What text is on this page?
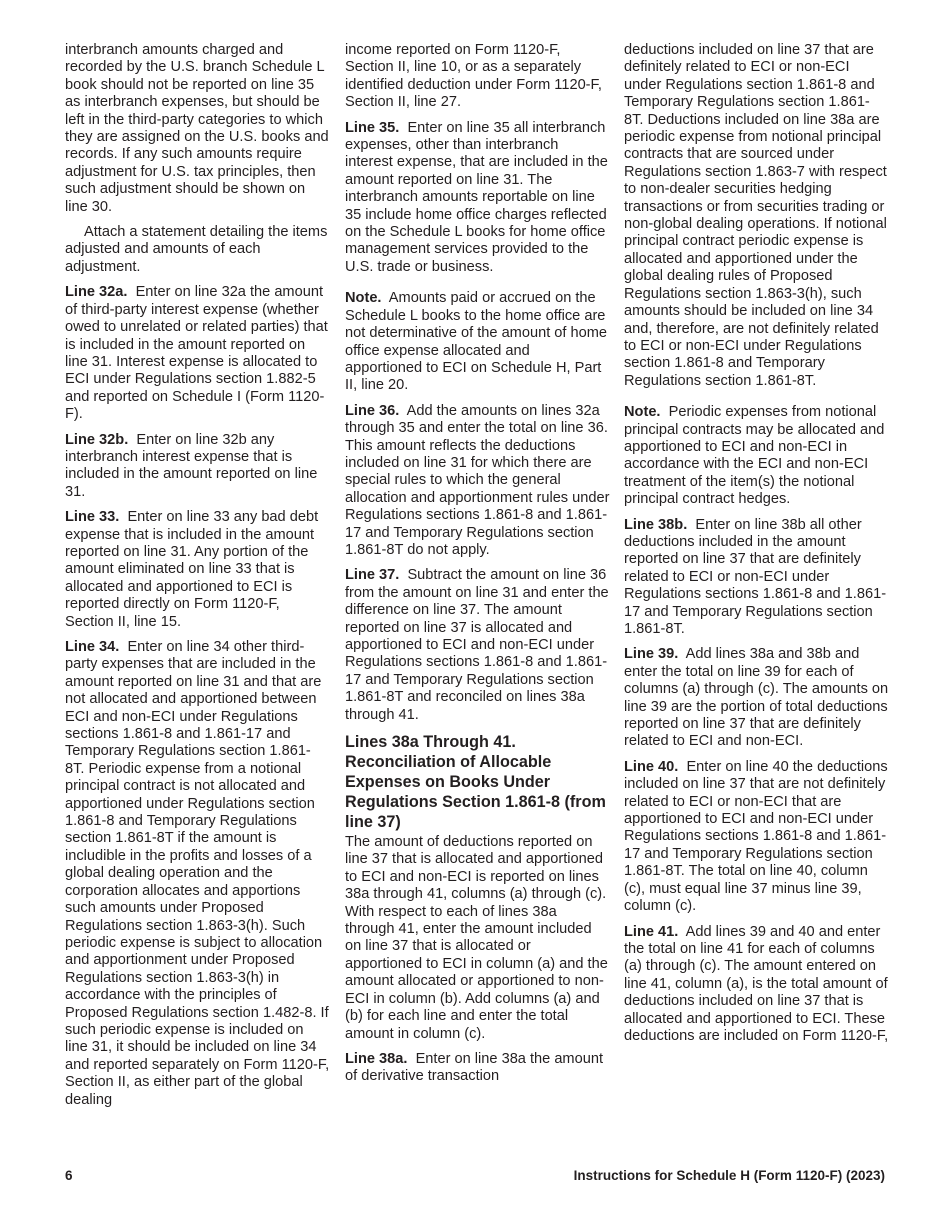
interbranch amounts charged and recorded by the U.S. branch Schedule L book should not be reported on line 35 as interbranch expenses, but should be left in the third-party categories to which they are assigned on the U.S. books and records. If any such amounts require adjustment for U.S. tax principles, then such adjustment should be shown on line 30.

Attach a statement detailing the items adjusted and amounts of each adjustment.

Line 32a. Enter on line 32a the amount of third-party interest expense (whether owed to unrelated or related parties) that is included in the amount reported on line 31. Interest expense is allocated to ECI under Regulations section 1.882-5 and reported on Schedule I (Form 1120-F).

Line 32b. Enter on line 32b any interbranch interest expense that is included in the amount reported on line 31.

Line 33. Enter on line 33 any bad debt expense that is included in the amount reported on line 31. Any portion of the amount eliminated on line 33 that is allocated and apportioned to ECI is reported directly on Form 1120-F, Section II, line 15.

Line 34. Enter on line 34 other third-party expenses that are included in the amount reported on line 31 and that are not allocated and apportioned between ECI and non-ECI under Regulations sections 1.861-8 and 1.861-17 and Temporary Regulations section 1.861-8T. Periodic expense from a notional principal contract is not allocated and apportioned under Regulations section 1.861-8 and Temporary Regulations section 1.861-8T if the amount is includible in the profits and losses of a global dealing operation and the corporation allocates and apportions such amounts under Proposed Regulations section 1.863-3(h). Such periodic expense is subject to allocation and apportionment under Proposed Regulations section 1.863-3(h) in accordance with the principles of Proposed Regulations section 1.482-8. If such periodic expense is included on line 31, it should be included on line 34 and reported separately on Form 1120-F, Section II, as either part of the global dealing

income reported on Form 1120-F, Section II, line 10, or as a separately identified deduction under Form 1120-F, Section II, line 27.

Line 35. Enter on line 35 all interbranch expenses, other than interbranch interest expense, that are included in the amount reported on line 31. The interbranch amounts reportable on line 35 include home office charges reflected on the Schedule L books for home office management services provided to the U.S. trade or business.

Note. Amounts paid or accrued on the Schedule L books to the home office are not determinative of the amount of home office expense allocated and apportioned to ECI on Schedule H, Part II, line 20.

Line 36. Add the amounts on lines 32a through 35 and enter the total on line 36. This amount reflects the deductions included on line 31 for which there are special rules to which the general allocation and apportionment rules under Regulations sections 1.861-8 and 1.861-17 and Temporary Regulations section 1.861-8T do not apply.

Line 37. Subtract the amount on line 36 from the amount on line 31 and enter the difference on line 37. The amount reported on line 37 is allocated and apportioned to ECI and non-ECI under Regulations sections 1.861-8 and 1.861-17 and Temporary Regulations section 1.861-8T and reconciled on lines 38a through 41.

Lines 38a Through 41. Reconciliation of Allocable Expenses on Books Under Regulations Section 1.861-8 (from line 37)

The amount of deductions reported on line 37 that is allocated and apportioned to ECI and non-ECI is reported on lines 38a through 41, columns (a) through (c). With respect to each of lines 38a through 41, enter the amount included on line 37 that is allocated or apportioned to ECI in column (a) and the amount allocated or apportioned to non-ECI in column (b). Add columns (a) and (b) for each line and enter the total amount in column (c).

Line 38a. Enter on line 38a the amount of derivative transaction

deductions included on line 37 that are definitely related to ECI or non-ECI under Regulations section 1.861-8 and Temporary Regulations section 1.861-8T. Deductions included on line 38a are periodic expense from notional principal contracts that are sourced under Regulations section 1.863-7 with respect to non-dealer securities hedging transactions or from securities trading or non-global dealing operations. If notional principal contract periodic expense is allocated and apportioned under the global dealing rules of Proposed Regulations section 1.863-3(h), such amounts should be included on line 34 and, therefore, are not definitely related to ECI or non-ECI under Regulations section 1.861-8 and Temporary Regulations section 1.861-8T.

Note. Periodic expenses from notional principal contracts may be allocated and apportioned to ECI and non-ECI in accordance with the ECI and non-ECI treatment of the item(s) the notional principal contract hedges.

Line 38b. Enter on line 38b all other deductions included in the amount reported on line 37 that are definitely related to ECI or non-ECI under Regulations sections 1.861-8 and 1.861-17 and Temporary Regulations section 1.861-8T.

Line 39. Add lines 38a and 38b and enter the total on line 39 for each of columns (a) through (c). The amounts on line 39 are the portion of total deductions reported on line 37 that are definitely related to ECI and non-ECI.

Line 40. Enter on line 40 the deductions included on line 37 that are not definitely related to ECI or non-ECI that are apportioned to ECI and non-ECI under Regulations sections 1.861-8 and 1.861-17 and Temporary Regulations section 1.861-8T. The total on line 40, column (c), must equal line 37 minus line 39, column (c).

Line 41. Add lines 39 and 40 and enter the total on line 41 for each of columns (a) through (c). The amount entered on line 41, column (a), is the total amount of deductions included on line 37 that is allocated and apportioned to ECI. These deductions are included on Form 1120-F,

6	Instructions for Schedule H (Form 1120-F) (2023)
